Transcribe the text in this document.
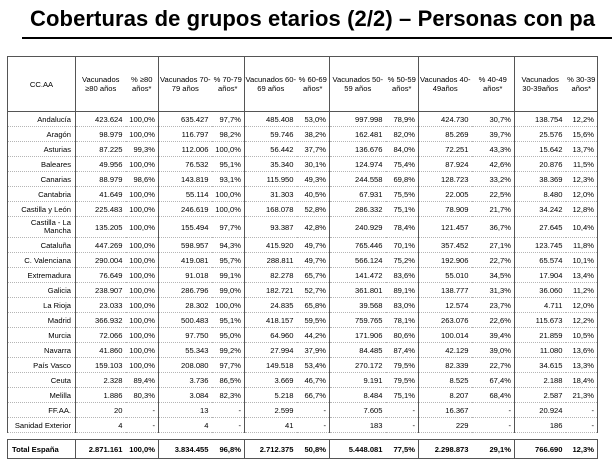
Coberturas de grupos etarios (2/2) – Personas con pa
CC.AA	Vacunados ≥80 años	% ≥80 años*	Vacunados 70-79 años	% 70-79 años*	Vacunados 60-69 años	% 60-69 años*	Vacunados 50-59 años	% 50-59 años*	Vacunados 40-49años	% 40-49 años*	Vacunados 30-39años	% 30-39 años*
Andalucía	423.624	100,0%	635.427	97,7%	485.408	53,0%	997.998	78,9%	424.730	30,7%	138.754	12,2%
Aragón	98.979	100,0%	116.797	98,2%	59.746	38,2%	162.481	82,0%	85.269	39,7%	25.576	15,6%
Asturias	87.225	99,3%	112.006	100,0%	56.442	37,7%	136.676	84,0%	72.251	43,3%	15.642	13,7%
Baleares	49.956	100,0%	76.532	95,1%	35.340	30,1%	124.974	75,4%	87.924	42,6%	20.876	11,5%
Canarias	88.979	98,6%	143.819	93,1%	115.950	49,3%	244.558	69,8%	128.723	33,2%	38.369	12,3%
Cantabria	41.649	100,0%	55.114	100,0%	31.303	40,5%	67.931	75,5%	22.005	22,5%	8.480	12,0%
Castilla y León	225.483	100,0%	246.619	100,0%	168.078	52,8%	286.332	75,1%	78.909	21,7%	34.242	12,8%
Castilla - La Mancha	135.205	100,0%	155.494	97,7%	93.387	42,8%	240.929	78,4%	121.457	36,7%	27.645	10,4%
Cataluña	447.269	100,0%	598.957	94,3%	415.920	49,7%	765.446	70,1%	357.452	27,1%	123.745	11,8%
C. Valenciana	290.004	100,0%	419.081	95,7%	288.811	49,7%	566.124	75,2%	192.906	22,7%	65.574	10,1%
Extremadura	76.649	100,0%	91.018	99,1%	82.278	65,7%	141.472	83,6%	55.010	34,5%	17.904	13,4%
Galicia	238.907	100,0%	286.796	99,0%	182.721	52,7%	361.801	89,1%	138.777	31,3%	36.060	11,2%
La Rioja	23.033	100,0%	28.302	100,0%	24.835	65,8%	39.568	83,0%	12.574	23,7%	4.711	12,0%
Madrid	366.932	100,0%	500.483	95,1%	418.157	59,5%	759.765	78,1%	263.076	22,6%	115.673	12,2%
Murcia	72.066	100,0%	97.750	95,0%	64.960	44,2%	171.906	80,6%	100.014	39,4%	21.859	10,5%
Navarra	41.860	100,0%	55.343	99,2%	27.994	37,9%	84.485	87,4%	42.129	39,0%	11.080	13,6%
País Vasco	159.103	100,0%	208.080	97,7%	149.518	53,4%	270.172	79,5%	82.339	22,7%	34.615	13,3%
Ceuta	2.328	89,4%	3.736	86,5%	3.669	46,7%	9.191	79,5%	8.525	67,4%	2.188	18,4%
Melilla	1.886	80,3%	3.084	82,3%	5.218	66,7%	8.484	75,1%	8.207	68,4%	2.587	21,3%
FF.AA.	20	-	13	-	2.599	-	7.605	-	16.367	-	20.924	-
Sanidad Exterior	4	-	4	-	41	-	183	-	229	-	186	-

Total España	2.871.161	100,0%	3.834.455	96,8%	2.712.375	50,8%	5.448.081	77,5%	2.298.873	29,1%	766.690	12,3%
